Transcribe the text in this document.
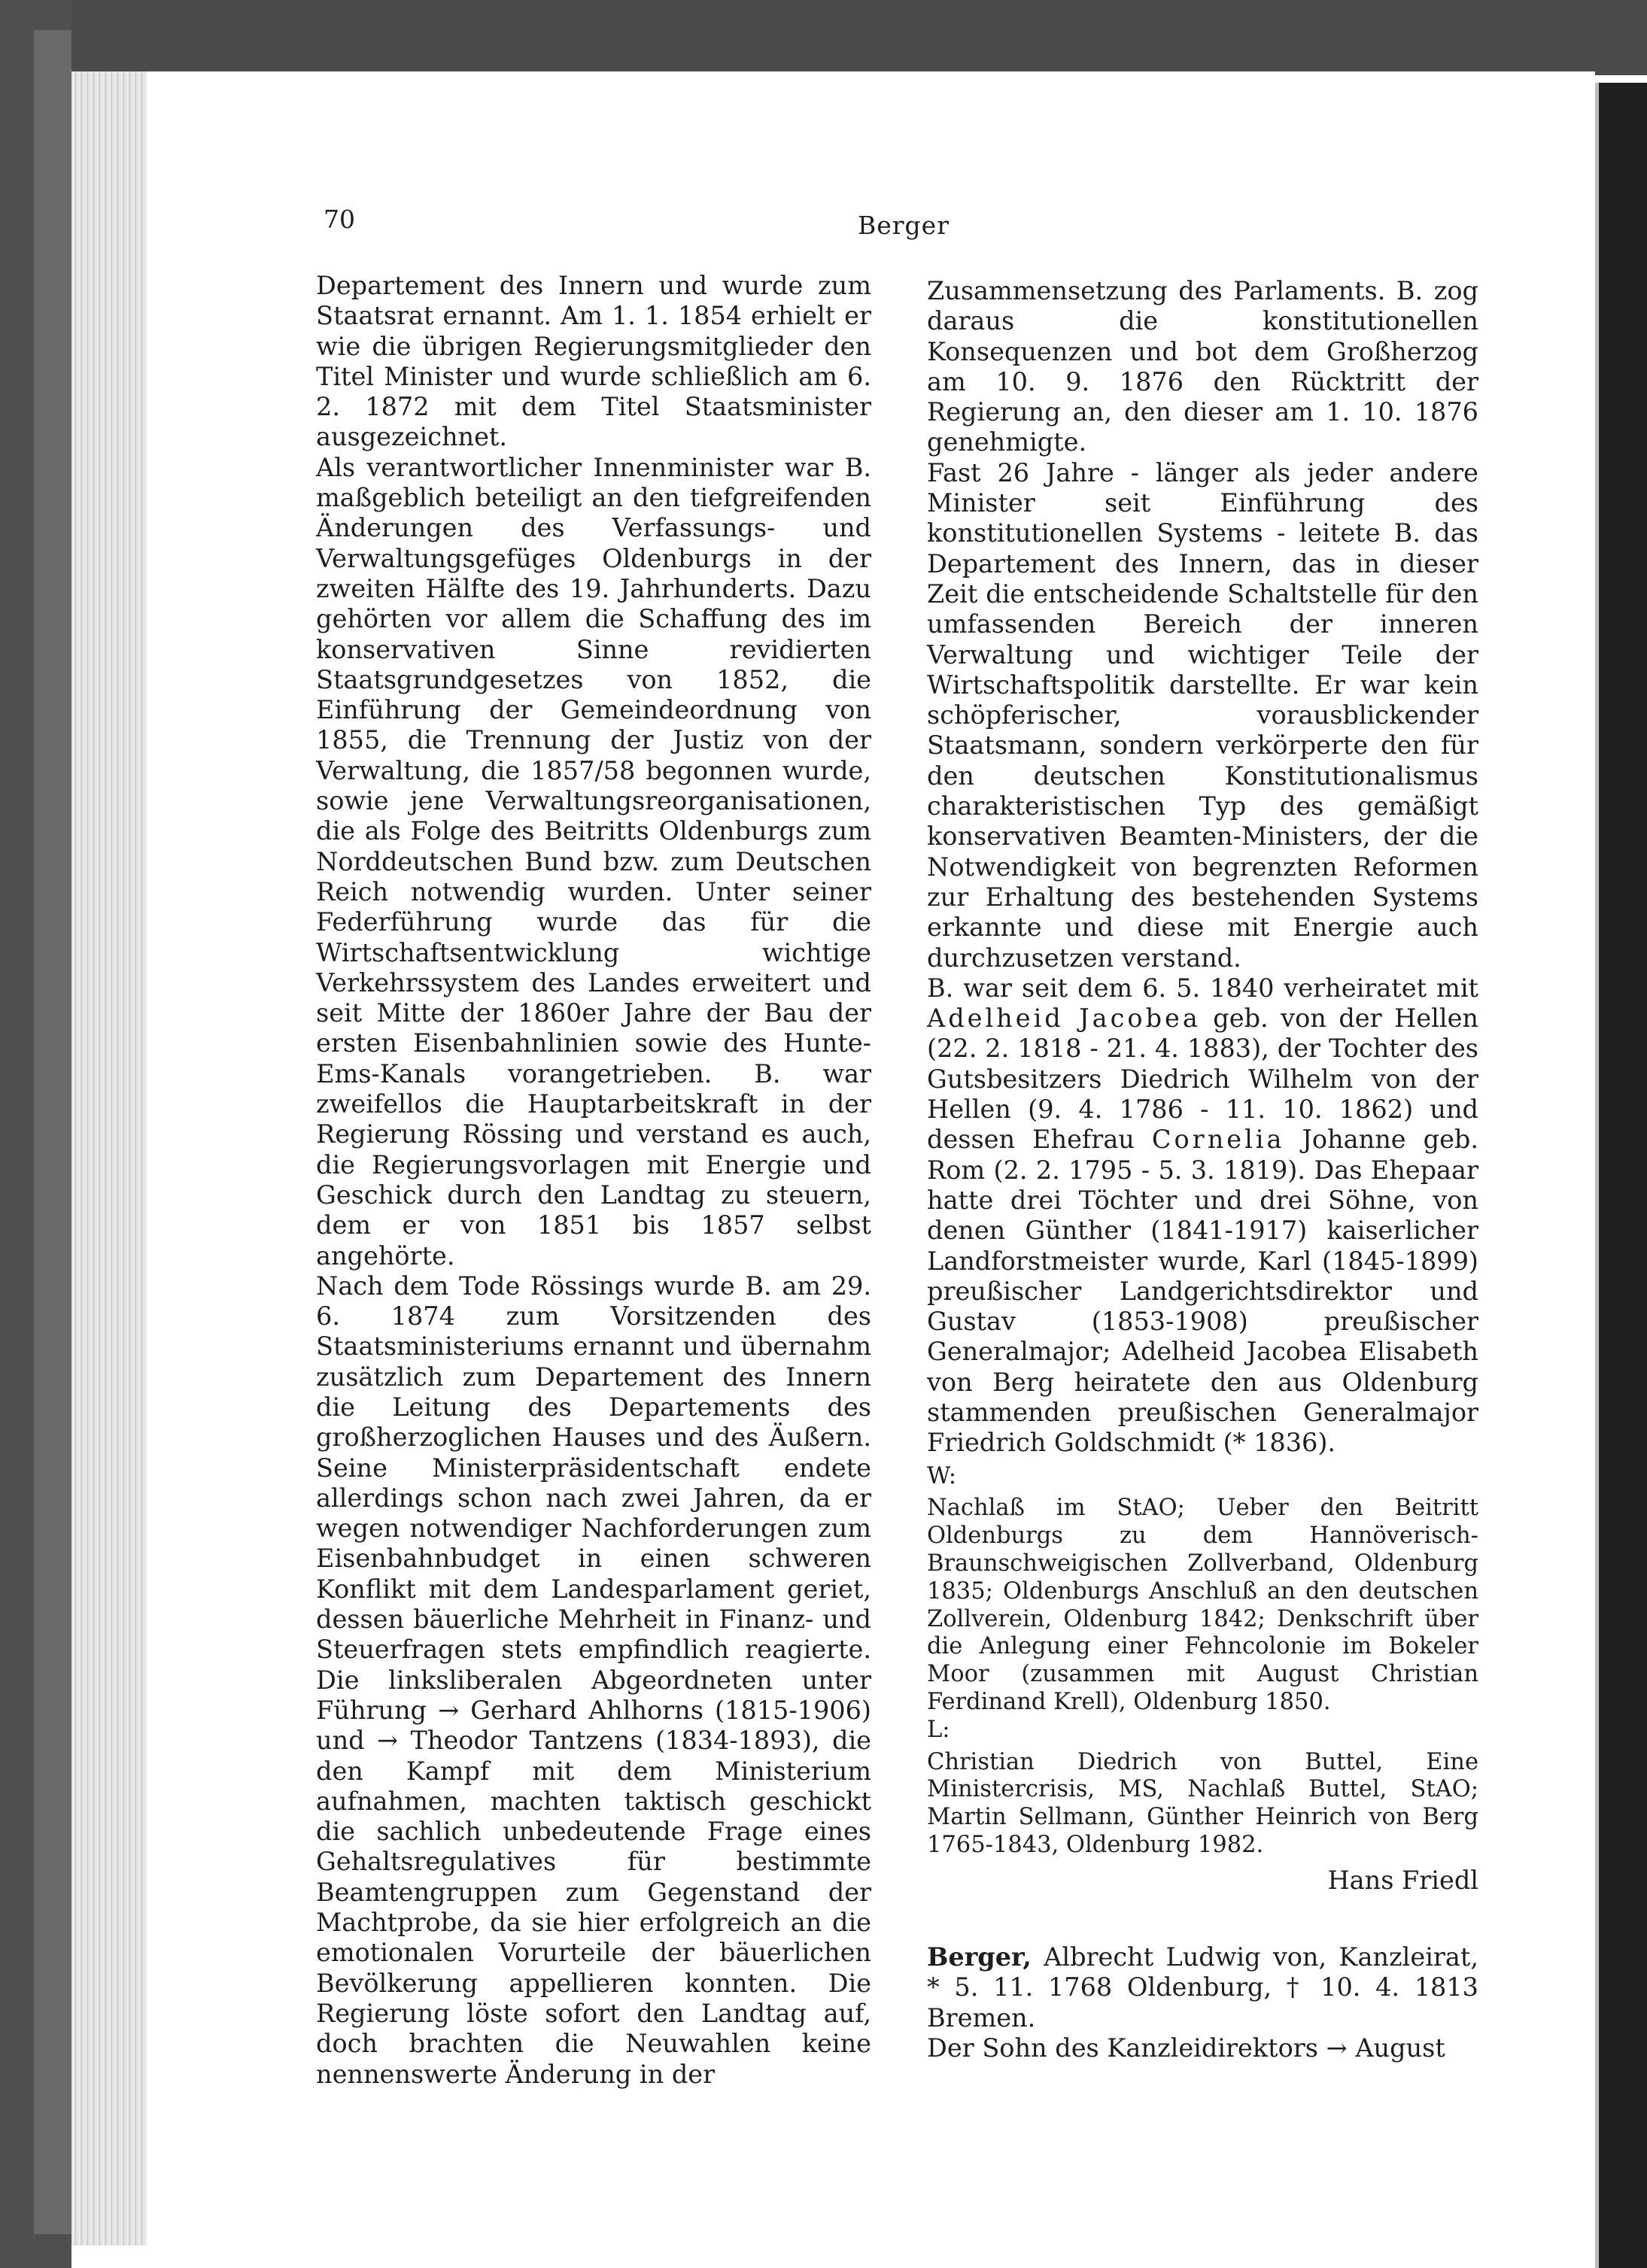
70	Berger

Departement des Innern und wurde zum Staatsrat ernannt. Am 1. 1. 1854 erhielt er wie die übrigen Regierungsmitglieder den Titel Minister und wurde schließlich am 6. 2. 1872 mit dem Titel Staatsminister ausgezeichnet.

Als verantwortlicher Innenminister war B. maßgeblich beteiligt an den tiefgreifenden Änderungen des Verfassungs- und Verwaltungsgefüges Oldenburgs in der zweiten Hälfte des 19. Jahrhunderts. Dazu gehörten vor allem die Schaffung des im konservativen Sinne revidierten Staatsgrundgesetzes von 1852, die Einführung der Gemeindeordnung von 1855, die Trennung der Justiz von der Verwaltung, die 1857/58 begonnen wurde, sowie jene Verwaltungsreorganisationen, die als Folge des Beitritts Oldenburgs zum Norddeutschen Bund bzw. zum Deutschen Reich notwendig wurden. Unter seiner Federführung wurde das für die Wirtschaftsentwicklung wichtige Verkehrssystem des Landes erweitert und seit Mitte der 1860er Jahre der Bau der ersten Eisenbahnlinien sowie des Hunte-Ems-Kanals vorangetrieben. B. war zweifellos die Hauptarbeitskraft in der Regierung Rössing und verstand es auch, die Regierungsvorlagen mit Energie und Geschick durch den Landtag zu steuern, dem er von 1851 bis 1857 selbst angehörte.

Nach dem Tode Rössings wurde B. am 29. 6. 1874 zum Vorsitzenden des Staatsministeriums ernannt und übernahm zusätzlich zum Departement des Innern die Leitung des Departements des großherzoglichen Hauses und des Äußern. Seine Ministerpräsidentschaft endete allerdings schon nach zwei Jahren, da er wegen notwendiger Nachforderungen zum Eisenbahnbudget in einen schweren Konflikt mit dem Landesparlament geriet, dessen bäuerliche Mehrheit in Finanz- und Steuerfragen stets empfindlich reagierte. Die linksliberalen Abgeordneten unter Führung → Gerhard Ahlhorns (1815-1906) und → Theodor Tantzens (1834-1893), die den Kampf mit dem Ministerium aufnahmen, machten taktisch geschickt die sachlich unbedeutende Frage eines Gehaltsregulatives für bestimmte Beamtengruppen zum Gegenstand der Machtprobe, da sie hier erfolgreich an die emotionalen Vorurteile der bäuerlichen Bevölkerung appellieren konnten. Die Regierung löste sofort den Landtag auf, doch brachten die Neuwahlen keine nennenswerte Änderung in der

Zusammensetzung des Parlaments. B. zog daraus die konstitutionellen Konsequenzen und bot dem Großherzog am 10. 9. 1876 den Rücktritt der Regierung an, den dieser am 1. 10. 1876 genehmigte.

Fast 26 Jahre - länger als jeder andere Minister seit Einführung des konstitutionellen Systems - leitete B. das Departement des Innern, das in dieser Zeit die entscheidende Schaltstelle für den umfassenden Bereich der inneren Verwaltung und wichtiger Teile der Wirtschaftspolitik darstellte. Er war kein schöpferischer, vorausblickender Staatsmann, sondern verkörperte den für den deutschen Konstitutionalismus charakteristischen Typ des gemäßigt konservativen Beamten-Ministers, der die Notwendigkeit von begrenzten Reformen zur Erhaltung des bestehenden Systems erkannte und diese mit Energie auch durchzusetzen verstand.

B. war seit dem 6. 5. 1840 verheiratet mit Adelheid Jacobea geb. von der Hellen (22. 2. 1818 - 21. 4. 1883), der Tochter des Gutsbesitzers Diedrich Wilhelm von der Hellen (9. 4. 1786 - 11. 10. 1862) und dessen Ehefrau Cornelia Johanne geb. Rom (2. 2. 1795 - 5. 3. 1819). Das Ehepaar hatte drei Töchter und drei Söhne, von denen Günther (1841-1917) kaiserlicher Landforstmeister wurde, Karl (1845-1899) preußischer Landgerichtsdirektor und Gustav (1853-1908) preußischer Generalmajor; Adelheid Jacobea Elisabeth von Berg heiratete den aus Oldenburg stammenden preußischen Generalmajor Friedrich Goldschmidt (* 1836).

W:

Nachlaß im StAO; Ueber den Beitritt Oldenburgs zu dem Hannöverisch-Braunschweigischen Zollverband, Oldenburg 1835; Oldenburgs Anschluß an den deutschen Zollverein, Oldenburg 1842; Denkschrift über die Anlegung einer Fehncolonie im Bokeler Moor (zusammen mit August Christian Ferdinand Krell), Oldenburg 1850.

L:

Christian Diedrich von Buttel, Eine Ministercrisis, MS, Nachlaß Buttel, StAO; Martin Sellmann, Günther Heinrich von Berg 1765-1843, Oldenburg 1982.

Hans Friedl

Berger, Albrecht Ludwig von, Kanzleirat, * 5. 11. 1768 Oldenburg, † 10. 4. 1813 Bremen.

Der Sohn des Kanzleidirektors → August
